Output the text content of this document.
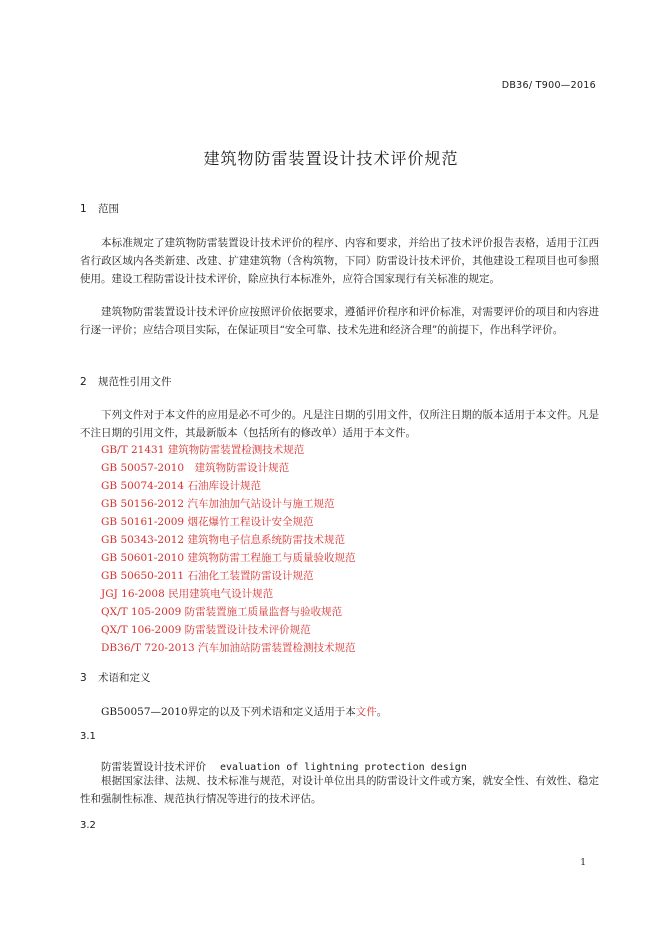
DB36/ T900—2016
建筑物防雷装置设计技术评价规范
1 范围

本标准规定了建筑物防雷装置设计技术评价的程序、内容和要求，并给出了技术评价报告表格，适用于江西省行政区域内各类新建、改建、扩建建筑物（含构筑物，下同）防雷设计技术评价，其他建设工程项目也可参照使用。建设工程防雷设计技术评价，除应执行本标准外，应符合国家现行有关标准的规定。

建筑物防雷装置设计技术评价应按照评价依据要求，遵循评价程序和评价标准，对需要评价的项目和内容进行逐一评价；应结合项目实际，在保证项目“安全可靠、技术先进和经济合理”的前提下，作出科学评价。

2 规范性引用文件

下列文件对于本文件的应用是必不可少的。凡是注日期的引用文件，仅所注日期的版本适用于本文件。凡是不注日期的引用文件，其最新版本（包括所有的修改单）适用于本文件。

GB/T 21431 建筑物防雷装置检测技术规范
GB 50057-2010　建筑物防雷设计规范
GB 50074-2014 石油库设计规范
GB 50156-2012 汽车加油加气站设计与施工规范
GB 50161-2009 烟花爆竹工程设计安全规范
GB 50343-2012 建筑物电子信息系统防雷技术规范
GB 50601-2010 建筑物防雷工程施工与质量验收规范
GB 50650-2011 石油化工装置防雷设计规范
JGJ 16-2008 民用建筑电气设计规范
QX/T 105-2009 防雷装置施工质量监督与验收规范
QX/T 106-2009 防雷装置设计技术评价规范
DB36/T 720-2013 汽车加油站防雷装置检测技术规范
3 术语和定义

GB50057—2010界定的以及下列术语和定义适用于本文件。

3.1
防雷装置设计技术评价 evaluation of lightning protection design

根据国家法律、法规、技术标准与规范，对设计单位出具的防雷设计文件或方案，就安全性、有效性、稳定性和强制性标准、规范执行情况等进行的技术评估。

3.2
1
